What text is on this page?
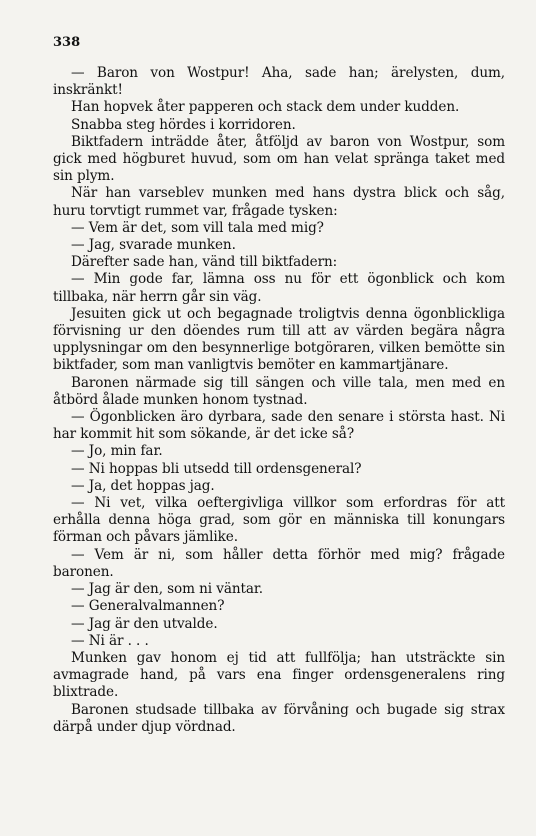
338

— Baron von Wostpur! Aha, sade han; ärelysten, dum, inskränkt!

Han hopvek åter papperen och stack dem under kudden.

Snabba steg hördes i korridoren.

Biktfadern inträdde åter, åtföljd av baron von Wostpur, som gick med högburet huvud, som om han velat spränga taket med sin plym.

När han varseblev munken med hans dystra blick och såg, huru torvtigt rummet var, frågade tysken:

— Vem är det, som vill tala med mig?

— Jag, svarade munken.

Därefter sade han, vänd till biktfadern:

— Min gode far, lämna oss nu för ett ögonblick och kom tillbaka, när herrn går sin väg.

Jesuiten gick ut och begagnade troligtvis denna ögonblickliga förvisning ur den döendes rum till att av värden begära några upplysningar om den besynnerlige botgöraren, vilken bemötte sin biktfader, som man vanligtvis bemöter en kammartjänare.

Baronen närmade sig till sängen och ville tala, men med en åtbörd ålade munken honom tystnad.

— Ögonblicken äro dyrbara, sade den senare i största hast. Ni har kommit hit som sökande, är det icke så?

— Jo, min far.

— Ni hoppas bli utsedd till ordensgeneral?

— Ja, det hoppas jag.

— Ni vet, vilka oeftergivliga villkor som erfordras för att erhålla denna höga grad, som gör en människa till konungars förman och påvars jämlike.

— Vem är ni, som håller detta förhör med mig? frågade baronen.

— Jag är den, som ni väntar.

— Generalvalmannen?

— Jag är den utvalde.

— Ni är . . .

Munken gav honom ej tid att fullfölja; han utsträckte sin avmagrade hand, på vars ena finger ordensgeneralens ring blixtrade.

Baronen studsade tillbaka av förvåning och bugade sig strax därpå under djup vördnad.
